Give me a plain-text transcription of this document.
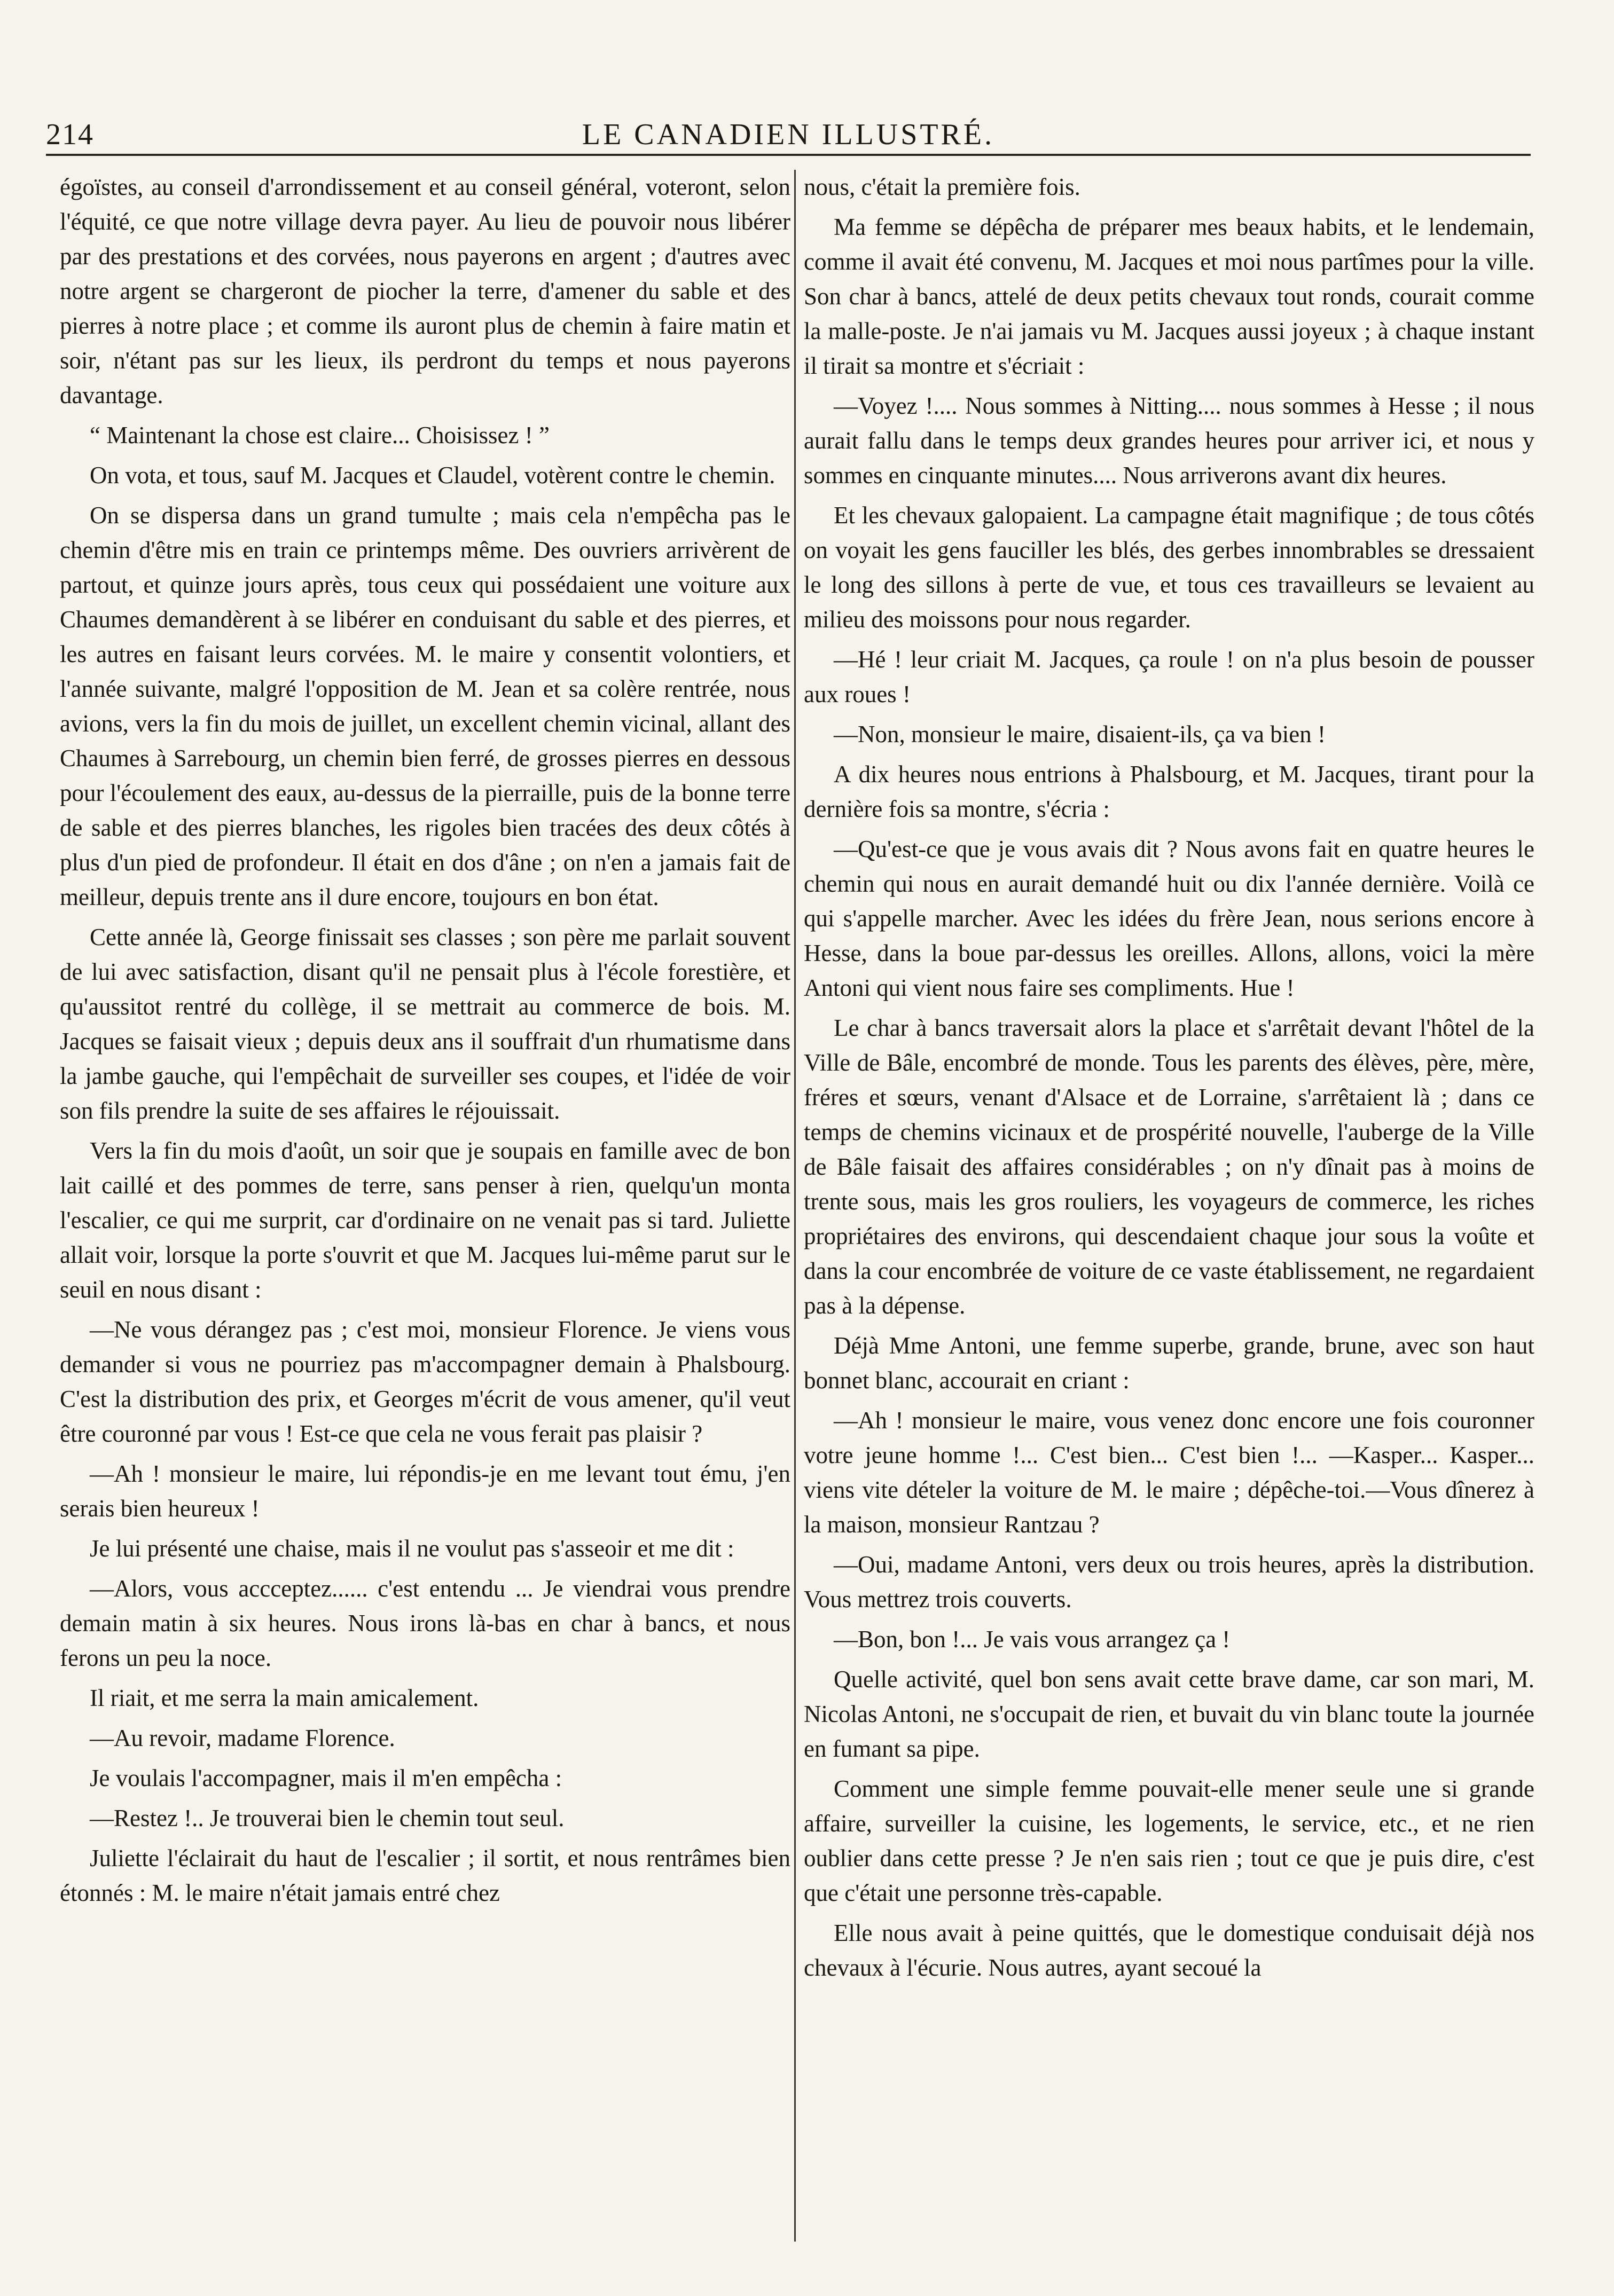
214	LE CANADIEN ILLUSTRÉ.

égoïstes, au conseil d'arrondissement et au conseil général, voteront, selon l'équité, ce que notre village devra payer. Au lieu de pouvoir nous libérer par des prestations et des corvées, nous payerons en argent ; d'autres avec notre argent se chargeront de piocher la terre, d'amener du sable et des pierres à notre place ; et comme ils auront plus de chemin à faire matin et soir, n'étant pas sur les lieux, ils perdront du temps et nous payerons davantage.

“ Maintenant la chose est claire... Choisissez ! ”

On vota, et tous, sauf M. Jacques et Claudel, votèrent contre le chemin.

On se dispersa dans un grand tumulte ; mais cela n'empêcha pas le chemin d'être mis en train ce printemps même. Des ouvriers arrivèrent de partout, et quinze jours après, tous ceux qui possédaient une voiture aux Chaumes demandèrent à se libérer en conduisant du sable et des pierres, et les autres en faisant leurs corvées. M. le maire y consentit volontiers, et l'année suivante, malgré l'opposition de M. Jean et sa colère rentrée, nous avions, vers la fin du mois de juillet, un excellent chemin vicinal, allant des Chaumes à Sarrebourg, un chemin bien ferré, de grosses pierres en dessous pour l'écoulement des eaux, au-dessus de la pierraille, puis de la bonne terre de sable et des pierres blanches, les rigoles bien tracées des deux côtés à plus d'un pied de profondeur. Il était en dos d'âne ; on n'en a jamais fait de meilleur, depuis trente ans il dure encore, toujours en bon état.

Cette année là, George finissait ses classes ; son père me parlait souvent de lui avec satisfaction, disant qu'il ne pensait plus à l'école forestière, et qu'aussitot rentré du collège, il se mettrait au commerce de bois. M. Jacques se faisait vieux ; depuis deux ans il souffrait d'un rhumatisme dans la jambe gauche, qui l'empêchait de surveiller ses coupes, et l'idée de voir son fils prendre la suite de ses affaires le réjouissait.

Vers la fin du mois d'août, un soir que je soupais en famille avec de bon lait caillé et des pommes de terre, sans penser à rien, quelqu'un monta l'escalier, ce qui me surprit, car d'ordinaire on ne venait pas si tard. Juliette allait voir, lorsque la porte s'ouvrit et que M. Jacques lui-même parut sur le seuil en nous disant :

—Ne vous dérangez pas ; c'est moi, monsieur Florence. Je viens vous demander si vous ne pourriez pas m'accompagner demain à Phalsbourg. C'est la distribution des prix, et Georges m'écrit de vous amener, qu'il veut être couronné par vous ! Est-ce que cela ne vous ferait pas plaisir ?

—Ah ! monsieur le maire, lui répondis-je en me levant tout ému, j'en serais bien heureux !

Je lui présenté une chaise, mais il ne voulut pas s'asseoir et me dit :

—Alors, vous accceptez...... c'est entendu ... Je viendrai vous prendre demain matin à six heures. Nous irons là-bas en char à bancs, et nous ferons un peu la noce.

Il riait, et me serra la main amicalement.

—Au revoir, madame Florence.

Je voulais l'accompagner, mais il m'en empêcha :

—Restez !.. Je trouverai bien le chemin tout seul.

Juliette l'éclairait du haut de l'escalier ; il sortit, et nous rentrâmes bien étonnés : M. le maire n'était jamais entré chez

nous, c'était la première fois.

Ma femme se dépêcha de préparer mes beaux habits, et le lendemain, comme il avait été convenu, M. Jacques et moi nous partîmes pour la ville. Son char à bancs, attelé de deux petits chevaux tout ronds, courait comme la malle-poste. Je n'ai jamais vu M. Jacques aussi joyeux ; à chaque instant il tirait sa montre et s'écriait :

—Voyez !.... Nous sommes à Nitting.... nous sommes à Hesse ; il nous aurait fallu dans le temps deux grandes heures pour arriver ici, et nous y sommes en cinquante minutes.... Nous arriverons avant dix heures.

Et les chevaux galopaient. La campagne était magnifique ; de tous côtés on voyait les gens fauciller les blés, des gerbes innombrables se dressaient le long des sillons à perte de vue, et tous ces travailleurs se levaient au milieu des moissons pour nous regarder.

—Hé ! leur criait M. Jacques, ça roule ! on n'a plus besoin de pousser aux roues !

—Non, monsieur le maire, disaient-ils, ça va bien !

A dix heures nous entrions à Phalsbourg, et M. Jacques, tirant pour la dernière fois sa montre, s'écria :

—Qu'est-ce que je vous avais dit ? Nous avons fait en quatre heures le chemin qui nous en aurait demandé huit ou dix l'année dernière. Voilà ce qui s'appelle marcher. Avec les idées du frère Jean, nous serions encore à Hesse, dans la boue par-dessus les oreilles. Allons, allons, voici la mère Antoni qui vient nous faire ses compliments. Hue !

Le char à bancs traversait alors la place et s'arrêtait devant l'hôtel de la Ville de Bâle, encombré de monde. Tous les parents des élèves, père, mère, fréres et sœurs, venant d'Alsace et de Lorraine, s'arrêtaient là ; dans ce temps de chemins vicinaux et de prospérité nouvelle, l'auberge de la Ville de Bâle faisait des affaires considérables ; on n'y dînait pas à moins de trente sous, mais les gros rouliers, les voyageurs de commerce, les riches propriétaires des environs, qui descendaient chaque jour sous la voûte et dans la cour encombrée de voiture de ce vaste établissement, ne regardaient pas à la dépense.

Déjà Mme Antoni, une femme superbe, grande, brune, avec son haut bonnet blanc, accourait en criant :

—Ah ! monsieur le maire, vous venez donc encore une fois couronner votre jeune homme !... C'est bien... C'est bien !... —Kasper... Kasper... viens vite dételer la voiture de M. le maire ; dépêche-toi.—Vous dînerez à la maison, monsieur Rantzau ?

—Oui, madame Antoni, vers deux ou trois heures, après la distribution. Vous mettrez trois couverts.

—Bon, bon !... Je vais vous arrangez ça !

Quelle activité, quel bon sens avait cette brave dame, car son mari, M. Nicolas Antoni, ne s'occupait de rien, et buvait du vin blanc toute la journée en fumant sa pipe.

Comment une simple femme pouvait-elle mener seule une si grande affaire, surveiller la cuisine, les logements, le service, etc., et ne rien oublier dans cette presse ? Je n'en sais rien ; tout ce que je puis dire, c'est que c'était une personne très-capable.

Elle nous avait à peine quittés, que le domestique conduisait déjà nos chevaux à l'écurie. Nous autres, ayant secoué la
